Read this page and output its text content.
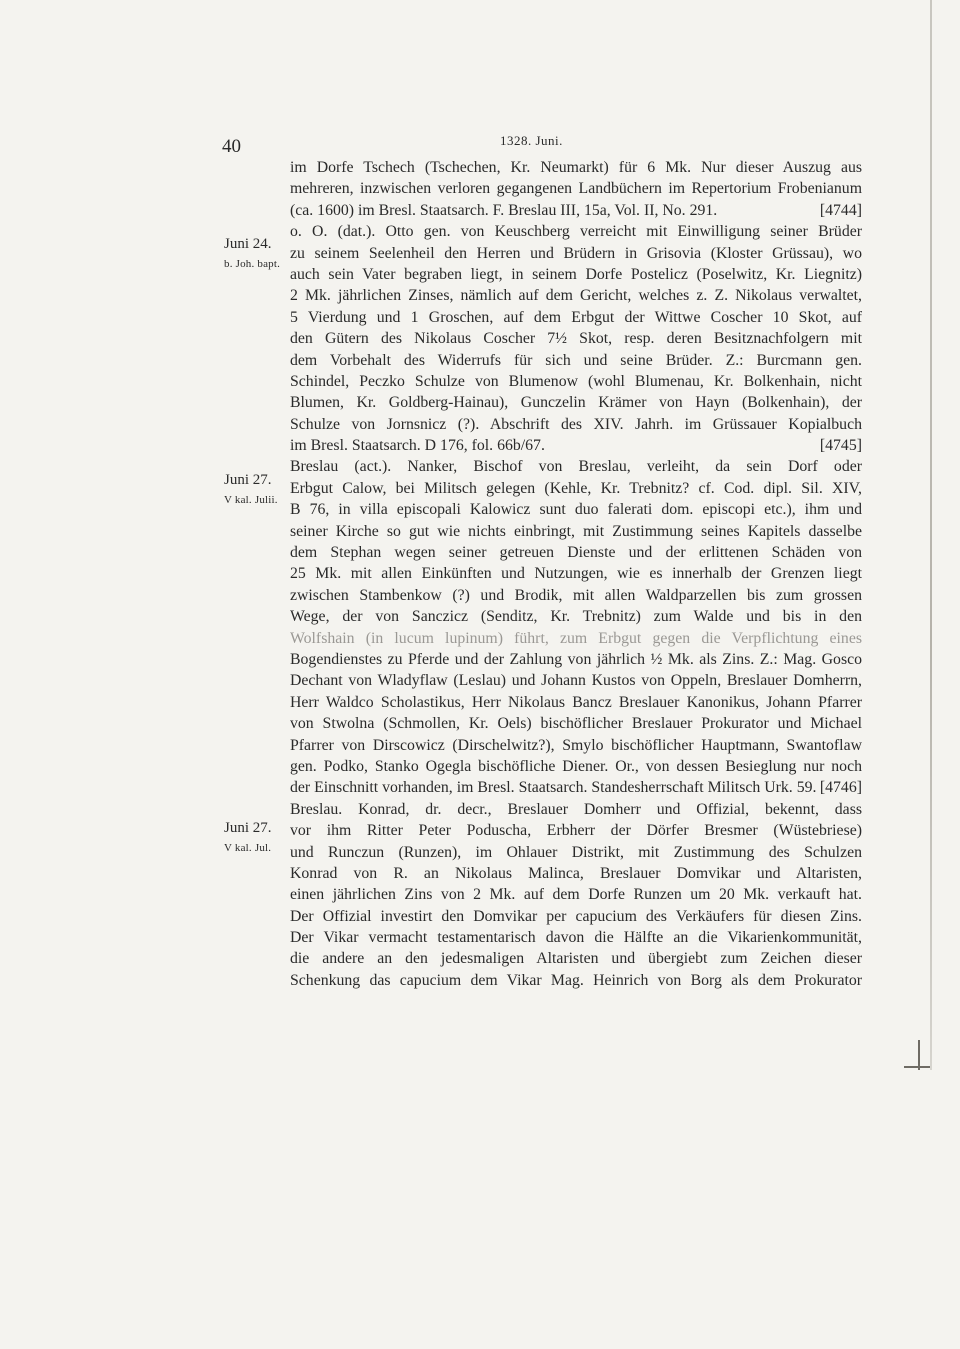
40	1328. Juni.
Juni 24.
b. Joh. bapt.
Juni 27.
V kal. Julii.
Juni 27.
V kal. Jul.
im Dorfe Tschech (Tschechen, Kr. Neumarkt) für 6 Mk. Nur dieser Auszug aus
mehreren, inzwischen verloren gegangenen Landbüchern im Repertorium Frobenianum
[4744]
(ca. 1600) im Bresl. Staatsarch. F. Breslau III, 15a, Vol. II, No. 291.
o. O. (dat.). Otto gen. von Keuschberg verreicht mit Einwilligung seiner Brüder
zu seinem Seelenheil den Herren und Brüdern in Grisovia (Kloster Grüssau), wo
auch sein Vater begraben liegt, in seinem Dorfe Postelicz (Poselwitz, Kr. Liegnitz)
2 Mk. jährlichen Zinses, nämlich auf dem Gericht, welches z. Z. Nikolaus verwaltet,
5 Vierdung und 1 Groschen, auf dem Erbgut der Wittwe Coscher 10 Skot, auf
den Gütern des Nikolaus Coscher 7½ Skot, resp. deren Besitznachfolgern mit
dem Vorbehalt des Widerrufs für sich und seine Brüder. Z.: Burcmann gen.
Schindel, Peczko Schulze von Blumenow (wohl Blumenau, Kr. Bolkenhain, nicht
Blumen, Kr. Goldberg-Hainau), Gunczelin Krämer von Hayn (Bolkenhain), der
Schulze von Jornsnicz (?). Abschrift des XIV. Jahrh. im Grüssauer Kopialbuch
[4745]
im Bresl. Staatsarch. D 176, fol. 66b/67.
Breslau (act.). Nanker, Bischof von Breslau, verleiht, da sein Dorf oder
Erbgut Calow, bei Militsch gelegen (Kehle, Kr. Trebnitz? cf. Cod. dipl. Sil. XIV,
B 76, in villa episcopali Kalowicz sunt duo falerati dom. episcopi etc.), ihm und
seiner Kirche so gut wie nichts einbringt, mit Zustimmung seines Kapitels dasselbe
dem Stephan wegen seiner getreuen Dienste und der erlittenen Schäden von
25 Mk. mit allen Einkünften und Nutzungen, wie es innerhalb der Grenzen liegt
zwischen Stambenkow (?) und Brodik, mit allen Waldparzellen bis zum grossen
Wege, der von Sanczicz (Senditz, Kr. Trebnitz) zum Walde und bis in den
Wolfshain (in lucum lupinum) führt, zum Erbgut gegen die Verpflichtung eines
Bogendienstes zu Pferde und der Zahlung von jährlich ½ Mk. als Zins. Z.: Mag. Gosco
Dechant von Wladyflaw (Leslau) und Johann Kustos von Oppeln, Breslauer Domherrn,
Herr Waldco Scholastikus, Herr Nikolaus Bancz Breslauer Kanonikus, Johann Pfarrer
von Stwolna (Schmollen, Kr. Oels) bischöflicher Breslauer Prokurator und Michael
Pfarrer von Dirscowicz (Dirschelwitz?), Smylo bischöflicher Hauptmann, Swantoflaw
gen. Podko, Stanko Ogegla bischöfliche Diener. Or., von dessen Besieglung nur noch
[4746]
der Einschnitt vorhanden, im Bresl. Staatsarch. Standesherrschaft Militsch Urk. 59.
Breslau. Konrad, dr. decr., Breslauer Domherr und Offizial, bekennt, dass
vor ihm Ritter Peter Poduscha, Erbherr der Dörfer Bresmer (Wüstebriese)
und Runczun (Runzen), im Ohlauer Distrikt, mit Zustimmung des Schulzen
Konrad von R. an Nikolaus Malinca, Breslauer Domvikar und Altaristen,
einen jährlichen Zins von 2 Mk. auf dem Dorfe Runzen um 20 Mk. verkauft hat.
Der Offizial investirt den Domvikar per capucium des Verkäufers für diesen Zins.
Der Vikar vermacht testamentarisch davon die Hälfte an die Vikarienkommunität,
die andere an den jedesmaligen Altaristen und übergiebt zum Zeichen dieser
Schenkung das capucium dem Vikar Mag. Heinrich von Borg als dem Prokurator
